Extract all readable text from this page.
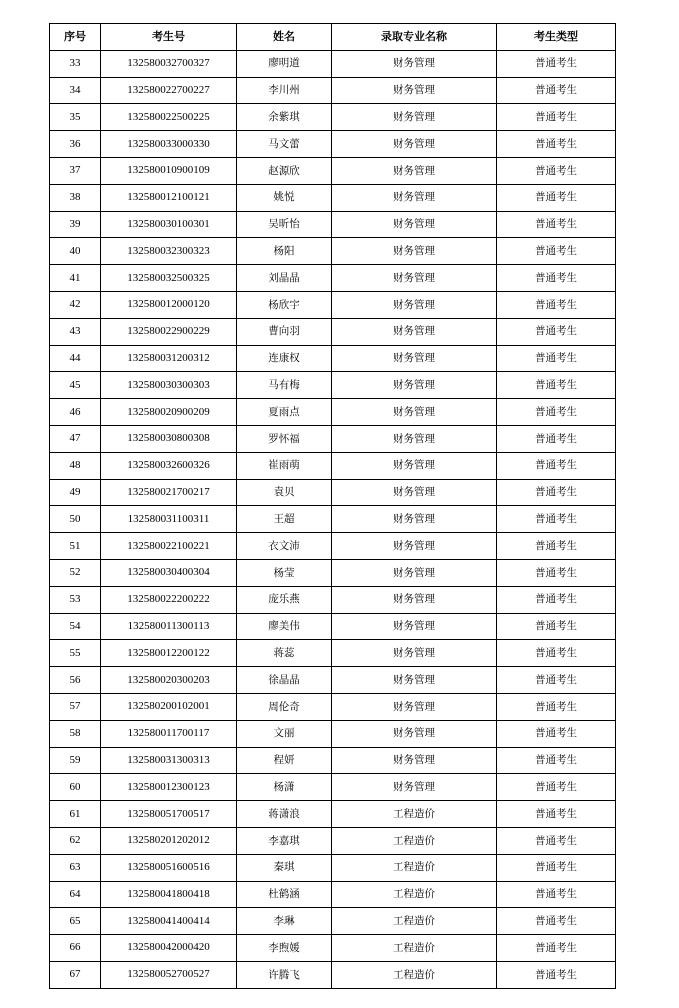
序号	考生号	姓名	录取专业名称	考生类型
33	132580032700327	廖明道	财务管理	普通考生
34	132580022700227	李川州	财务管理	普通考生
35	132580022500225	余紫琪	财务管理	普通考生
36	132580033000330	马文蕾	财务管理	普通考生
37	132580010900109	赵源欣	财务管理	普通考生
38	132580012100121	姚悦	财务管理	普通考生
39	132580030100301	吴昕怡	财务管理	普通考生
40	132580032300323	杨阳	财务管理	普通考生
41	132580032500325	刘晶晶	财务管理	普通考生
42	132580012000120	杨欣宇	财务管理	普通考生
43	132580022900229	曹向羽	财务管理	普通考生
44	132580031200312	连康权	财务管理	普通考生
45	132580030300303	马有梅	财务管理	普通考生
46	132580020900209	夏雨点	财务管理	普通考生
47	132580030800308	罗怀福	财务管理	普通考生
48	132580032600326	崔雨萌	财务管理	普通考生
49	132580021700217	袁贝	财务管理	普通考生
50	132580031100311	王超	财务管理	普通考生
51	132580022100221	衣文沛	财务管理	普通考生
52	132580030400304	杨莹	财务管理	普通考生
53	132580022200222	庞乐燕	财务管理	普通考生
54	132580011300113	廖美伟	财务管理	普通考生
55	132580012200122	蒋蕊	财务管理	普通考生
56	132580020300203	徐晶晶	财务管理	普通考生
57	132580200102001	周伦奇	财务管理	普通考生
58	132580011700117	文丽	财务管理	普通考生
59	132580031300313	程妍	财务管理	普通考生
60	132580012300123	杨潇	财务管理	普通考生
61	132580051700517	蒋潇浪	工程造价	普通考生
62	132580201202012	李嘉琪	工程造价	普通考生
63	132580051600516	秦琪	工程造价	普通考生
64	132580041800418	杜鹤涵	工程造价	普通考生
65	132580041400414	李琳	工程造价	普通考生
66	132580042000420	李煦媛	工程造价	普通考生
67	132580052700527	许腾飞	工程造价	普通考生
